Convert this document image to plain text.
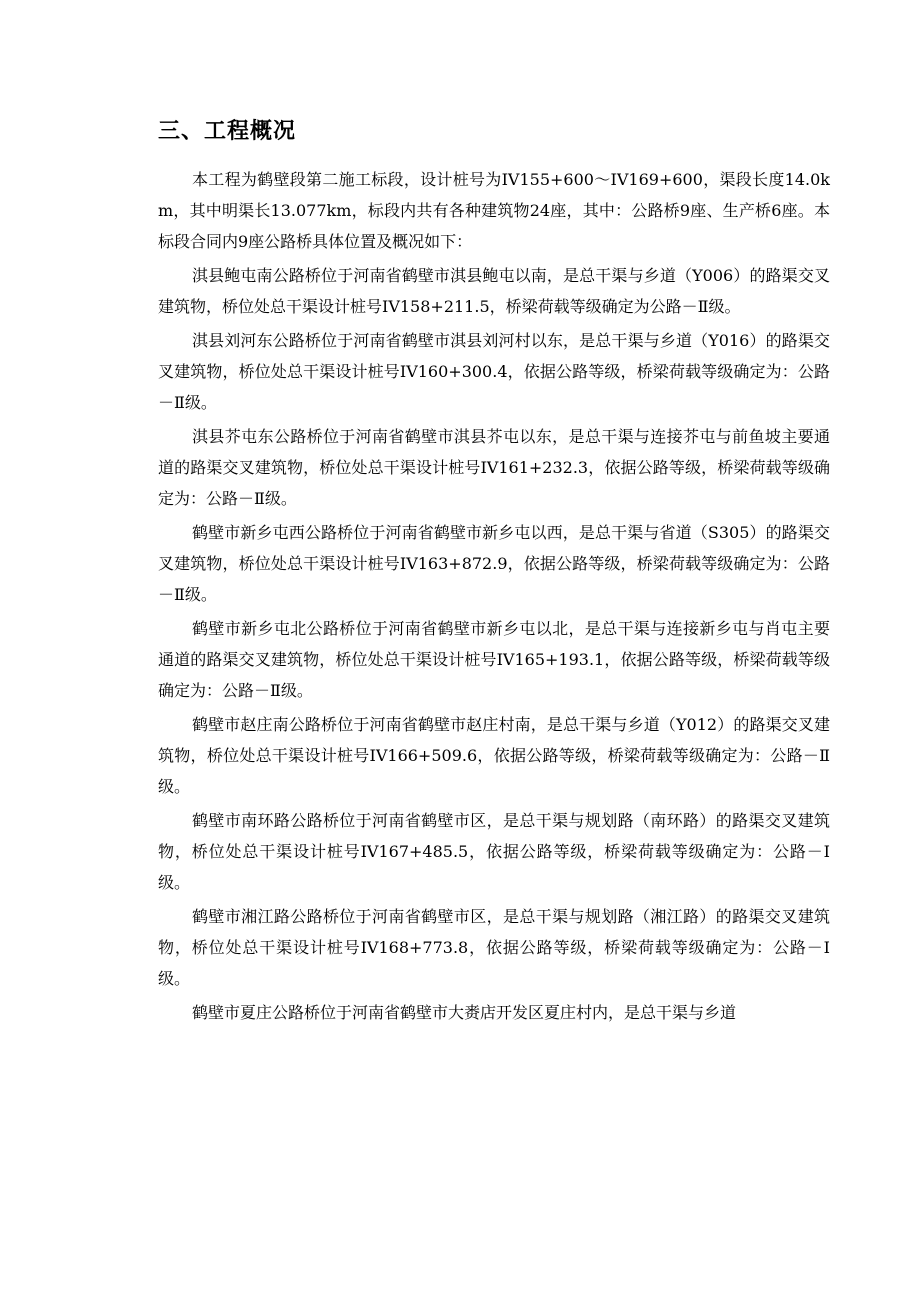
三、工程概况

本工程为鹤壁段第二施工标段，设计桩号为IV155+600～IV169+600，渠段长度14.0km，其中明渠长13.077km，标段内共有各种建筑物24座，其中：公路桥9座、生产桥6座。本标段合同内9座公路桥具体位置及概况如下：

淇县鲍屯南公路桥位于河南省鹤壁市淇县鲍屯以南，是总干渠与乡道（Y006）的路渠交叉建筑物，桥位处总干渠设计桩号IV158+211.5，桥梁荷载等级确定为公路－Ⅱ级。

淇县刘河东公路桥位于河南省鹤壁市淇县刘河村以东，是总干渠与乡道（Y016）的路渠交叉建筑物，桥位处总干渠设计桩号IV160+300.4，依据公路等级，桥梁荷载等级确定为：公路－Ⅱ级。

淇县芥屯东公路桥位于河南省鹤壁市淇县芥屯以东，是总干渠与连接芥屯与前鱼坡主要通道的路渠交叉建筑物，桥位处总干渠设计桩号IV161+232.3，依据公路等级，桥梁荷载等级确定为：公路－Ⅱ级。

鹤壁市新乡屯西公路桥位于河南省鹤壁市新乡屯以西，是总干渠与省道（S305）的路渠交叉建筑物，桥位处总干渠设计桩号IV163+872.9，依据公路等级，桥梁荷载等级确定为：公路－Ⅱ级。

鹤壁市新乡屯北公路桥位于河南省鹤壁市新乡屯以北，是总干渠与连接新乡屯与肖屯主要通道的路渠交叉建筑物，桥位处总干渠设计桩号IV165+193.1，依据公路等级，桥梁荷载等级确定为：公路－Ⅱ级。

鹤壁市赵庄南公路桥位于河南省鹤壁市赵庄村南，是总干渠与乡道（Y012）的路渠交叉建筑物，桥位处总干渠设计桩号IV166+509.6，依据公路等级，桥梁荷载等级确定为：公路－Ⅱ级。

鹤壁市南环路公路桥位于河南省鹤壁市区，是总干渠与规划路（南环路）的路渠交叉建筑物，桥位处总干渠设计桩号IV167+485.5，依据公路等级，桥梁荷载等级确定为：公路－Ⅰ级。

鹤壁市湘江路公路桥位于河南省鹤壁市区，是总干渠与规划路（湘江路）的路渠交叉建筑物，桥位处总干渠设计桩号IV168+773.8，依据公路等级，桥梁荷载等级确定为：公路－Ⅰ级。

鹤壁市夏庄公路桥位于河南省鹤壁市大赉店开发区夏庄村内，是总干渠与乡道
